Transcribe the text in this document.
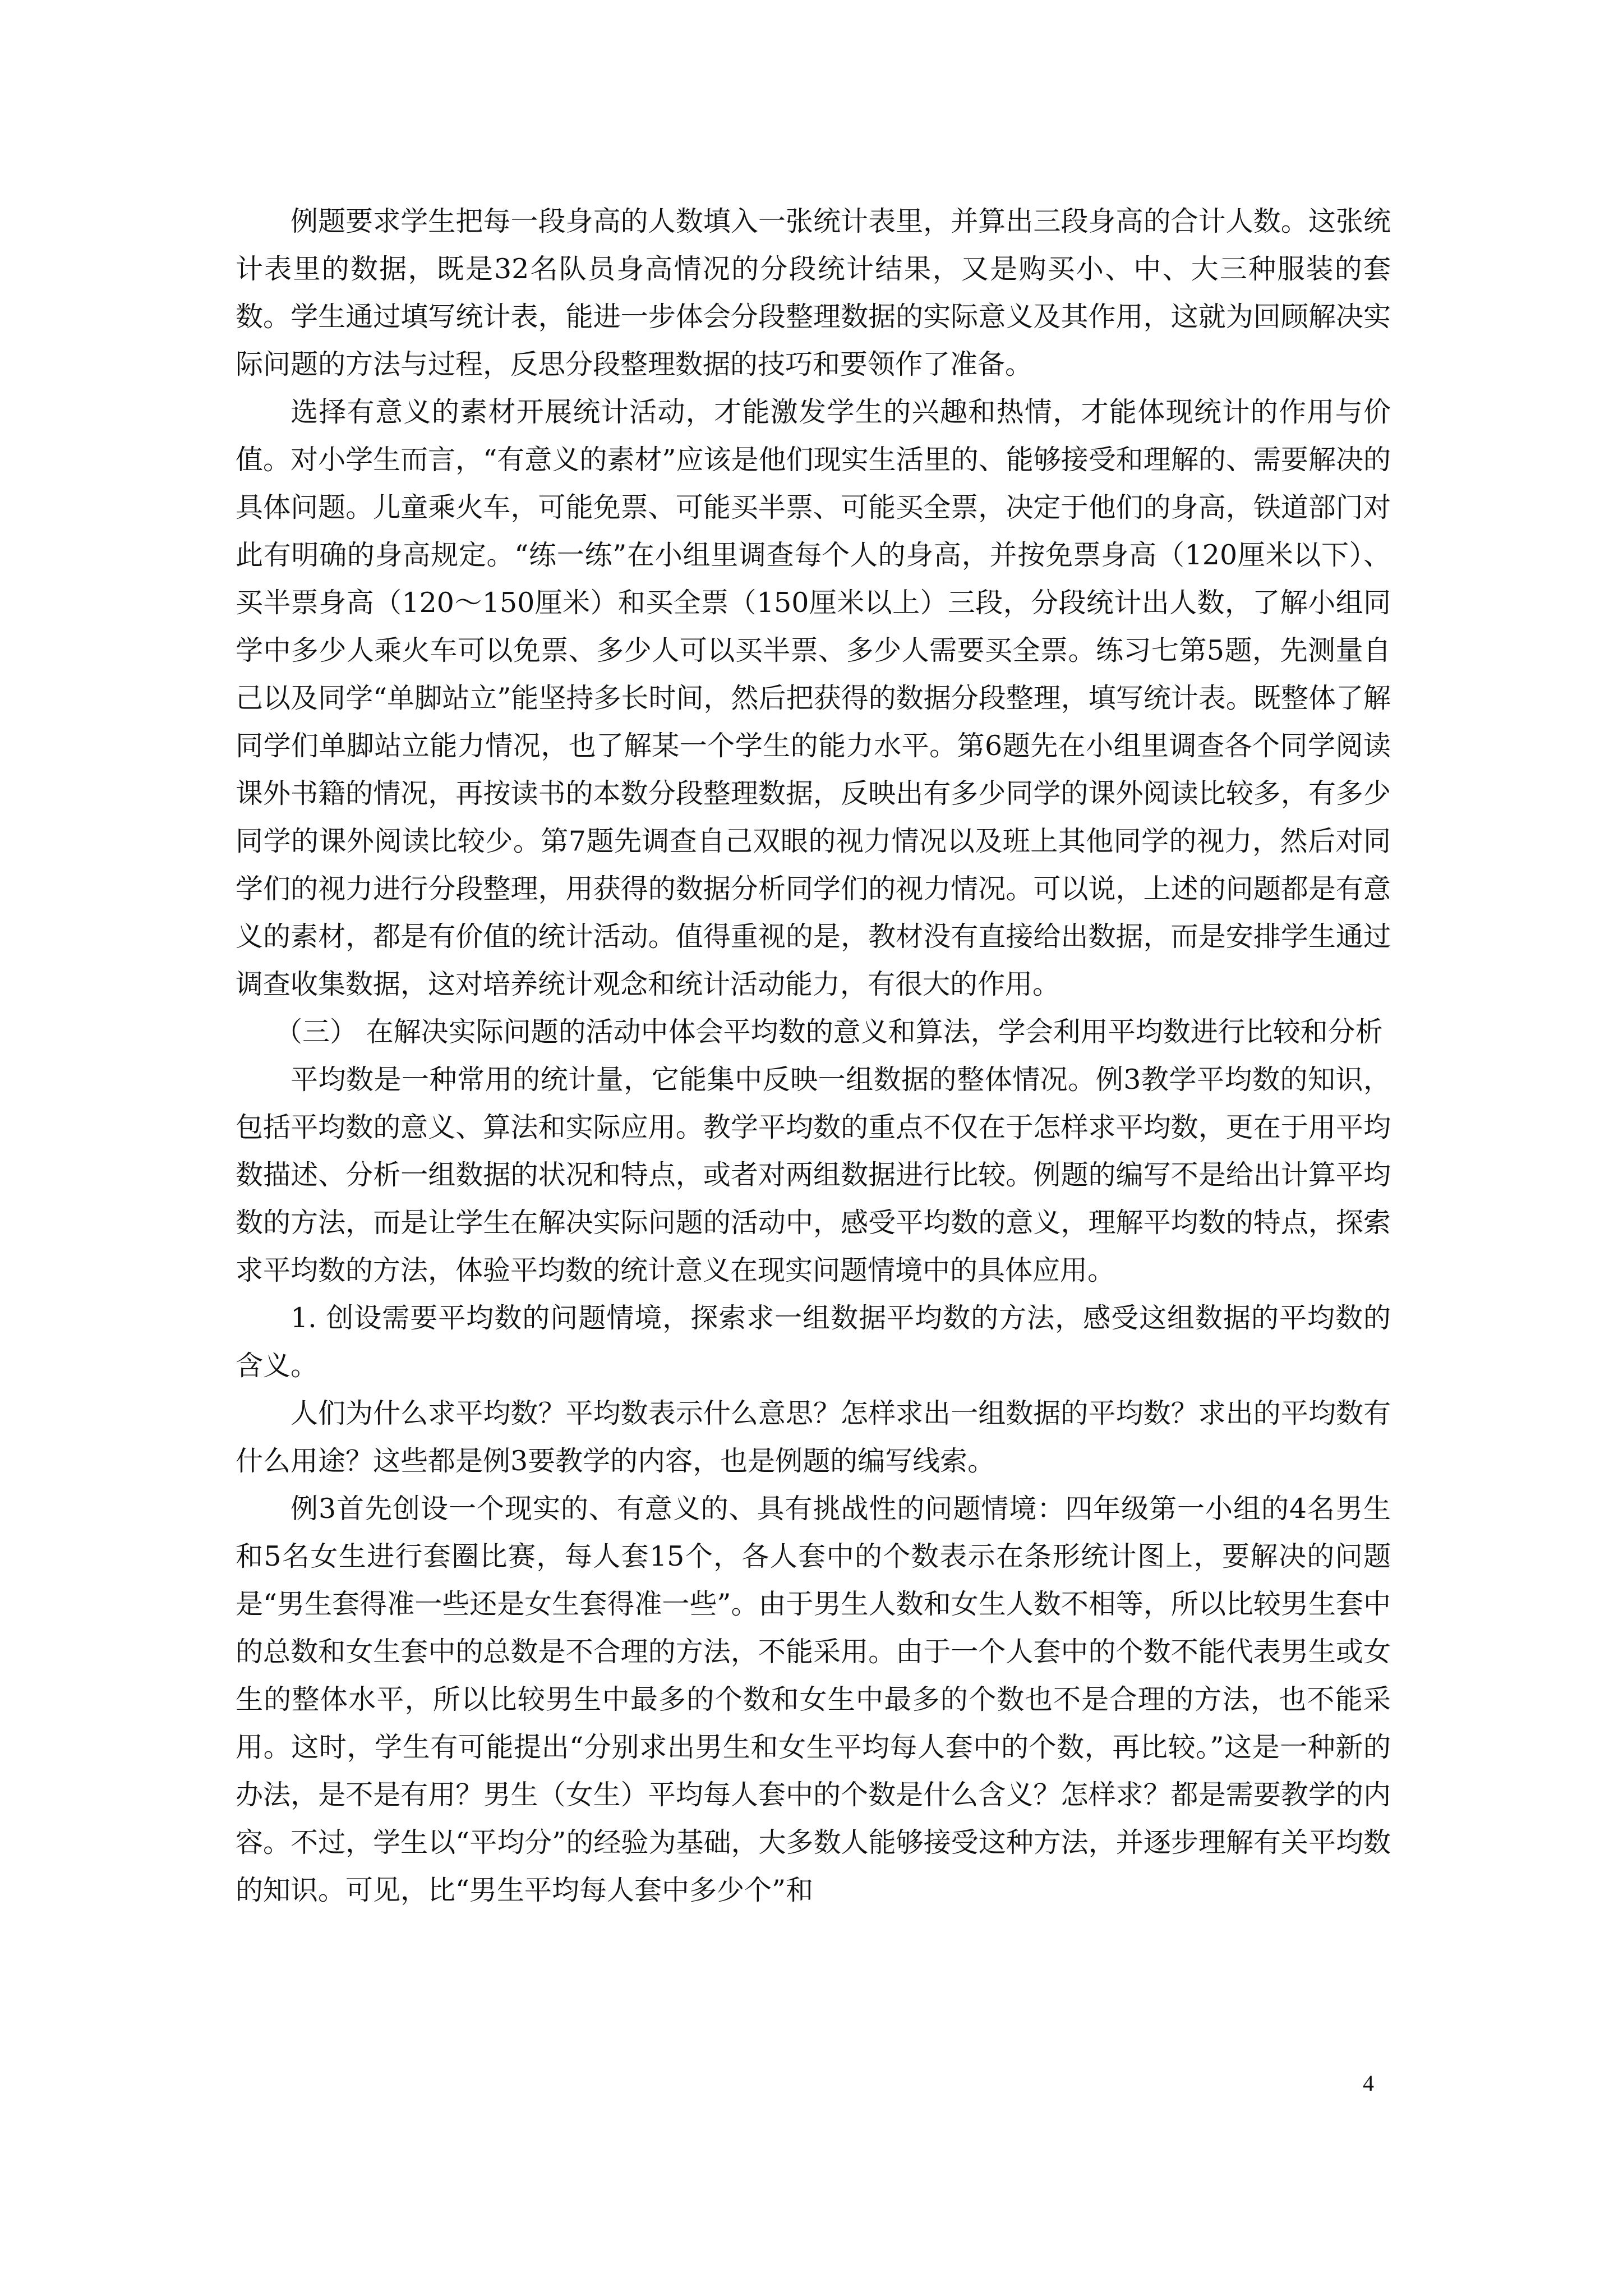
例题要求学生把每一段身高的人数填入一张统计表里，并算出三段身高的合计人数。这张统计表里的数据，既是32名队员身高情况的分段统计结果，又是购买小、中、大三种服装的套数。学生通过填写统计表，能进一步体会分段整理数据的实际意义及其作用，这就为回顾解决实际问题的方法与过程，反思分段整理数据的技巧和要领作了准备。

选择有意义的素材开展统计活动，才能激发学生的兴趣和热情，才能体现统计的作用与价值。对小学生而言，“有意义的素材”应该是他们现实生活里的、能够接受和理解的、需要解决的具体问题。儿童乘火车，可能免票、可能买半票、可能买全票，决定于他们的身高，铁道部门对此有明确的身高规定。“练一练”在小组里调查每个人的身高，并按免票身高（120厘米以下）、买半票身高（120～150厘米）和买全票（150厘米以上）三段，分段统计出人数，了解小组同学中多少人乘火车可以免票、多少人可以买半票、多少人需要买全票。练习七第5题，先测量自己以及同学“单脚站立”能坚持多长时间，然后把获得的数据分段整理，填写统计表。既整体了解同学们单脚站立能力情况，也了解某一个学生的能力水平。第6题先在小组里调查各个同学阅读课外书籍的情况，再按读书的本数分段整理数据，反映出有多少同学的课外阅读比较多，有多少同学的课外阅读比较少。第7题先调查自己双眼的视力情况以及班上其他同学的视力，然后对同学们的视力进行分段整理，用获得的数据分析同学们的视力情况。可以说，上述的问题都是有意义的素材，都是有价值的统计活动。值得重视的是，教材没有直接给出数据，而是安排学生通过调查收集数据，这对培养统计观念和统计活动能力，有很大的作用。

（三） 在解决实际问题的活动中体会平均数的意义和算法，学会利用平均数进行比较和分析

平均数是一种常用的统计量，它能集中反映一组数据的整体情况。例3教学平均数的知识，包括平均数的意义、算法和实际应用。教学平均数的重点不仅在于怎样求平均数，更在于用平均数描述、分析一组数据的状况和特点，或者对两组数据进行比较。例题的编写不是给出计算平均数的方法，而是让学生在解决实际问题的活动中，感受平均数的意义，理解平均数的特点，探索求平均数的方法，体验平均数的统计意义在现实问题情境中的具体应用。

1. 创设需要平均数的问题情境，探索求一组数据平均数的方法，感受这组数据的平均数的含义。

人们为什么求平均数？平均数表示什么意思？怎样求出一组数据的平均数？求出的平均数有什么用途？这些都是例3要教学的内容，也是例题的编写线索。

例3首先创设一个现实的、有意义的、具有挑战性的问题情境：四年级第一小组的4名男生和5名女生进行套圈比赛，每人套15个，各人套中的个数表示在条形统计图上，要解决的问题是“男生套得准一些还是女生套得准一些”。由于男生人数和女生人数不相等，所以比较男生套中的总数和女生套中的总数是不合理的方法，不能采用。由于一个人套中的个数不能代表男生或女生的整体水平，所以比较男生中最多的个数和女生中最多的个数也不是合理的方法，也不能采用。这时，学生有可能提出“分别求出男生和女生平均每人套中的个数，再比较。”这是一种新的办法，是不是有用？男生（女生）平均每人套中的个数是什么含义？怎样求？都是需要教学的内容。不过，学生以“平均分”的经验为基础，大多数人能够接受这种方法，并逐步理解有关平均数的知识。可见，比“男生平均每人套中多少个”和

4
